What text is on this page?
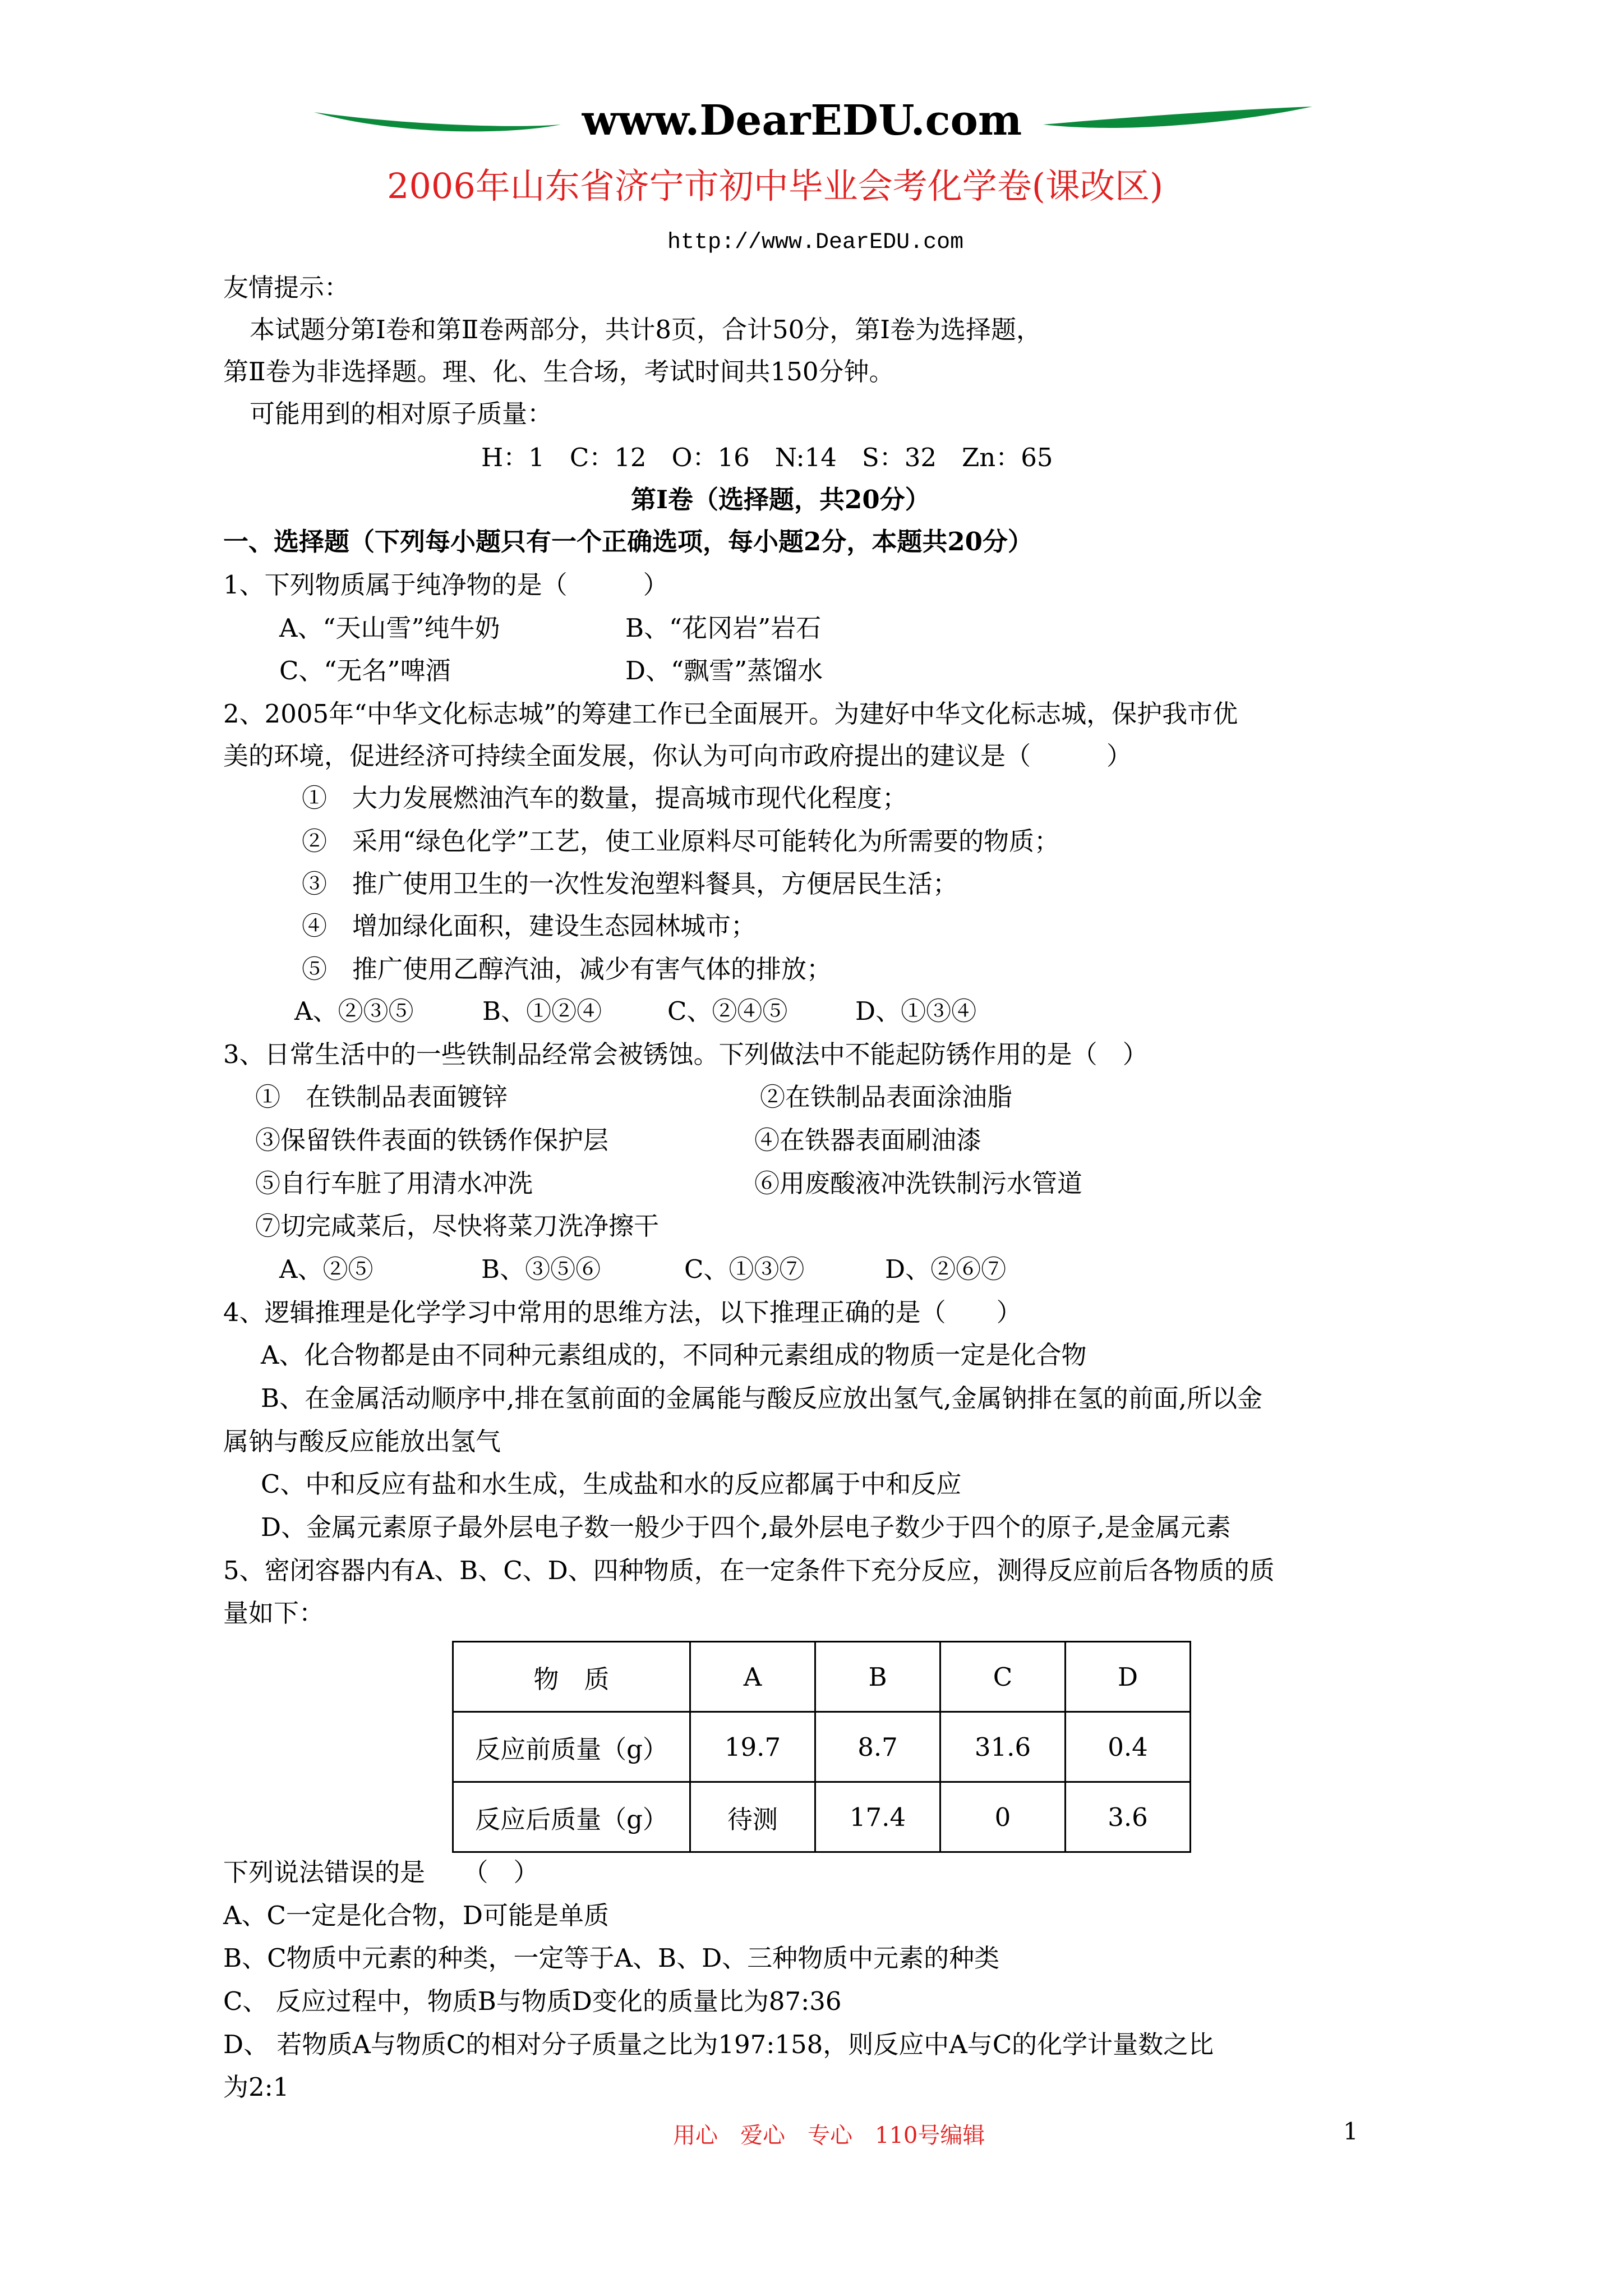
www.DearEDU.com
2006年山东省济宁市初中毕业会考化学卷(课改区)
http://www.DearEDU.com
友情提示：
本试题分第Ⅰ卷和第Ⅱ卷两部分，共计8页，合计50分，第Ⅰ卷为选择题，
第Ⅱ卷为非选择题。理、化、生合场，考试时间共150分钟。
可能用到的相对原子质量：
H：1　C：12　O：16　N:14　S：32　Zn：65
第Ⅰ卷（选择题，共20分）
一、选择题（下列每小题只有一个正确选项，每小题2分，本题共20分）
1、下列物质属于纯净物的是（　　　）
A、“天山雪”纯牛奶	B、“花冈岩”岩石
C、“无名”啤酒	D、“飘雪”蒸馏水
2、2005年“中华文化标志城”的筹建工作已全面展开。为建好中华文化标志城，保护我市优
美的环境，促进经济可持续全面发展，你认为可向市政府提出的建议是（　　　）
①　大力发展燃油汽车的数量，提高城市现代化程度；
②　采用“绿色化学”工艺，使工业原料尽可能转化为所需要的物质；
③　推广使用卫生的一次性发泡塑料餐具，方便居民生活；
④　增加绿化面积，建设生态园林城市；
⑤　推广使用乙醇汽油，减少有害气体的排放；
A、②③⑤	B、①②④	C、②④⑤	D、①③④
3、日常生活中的一些铁制品经常会被锈蚀。下列做法中不能起防锈作用的是（　）
①　在铁制品表面镀锌	②在铁制品表面涂油脂
③保留铁件表面的铁锈作保护层	④在铁器表面刷油漆
⑤自行车脏了用清水冲洗	⑥用废酸液冲洗铁制污水管道
⑦切完咸菜后，尽快将菜刀洗净擦干
A、②⑤	B、③⑤⑥	C、①③⑦	D、②⑥⑦
4、逻辑推理是化学学习中常用的思维方法，以下推理正确的是（　　）
A、化合物都是由不同种元素组成的，不同种元素组成的物质一定是化合物
B、在金属活动顺序中,排在氢前面的金属能与酸反应放出氢气,金属钠排在氢的前面,所以金
属钠与酸反应能放出氢气
C、中和反应有盐和水生成，生成盐和水的反应都属于中和反应
D、金属元素原子最外层电子数一般少于四个,最外层电子数少于四个的原子,是金属元素
5、密闭容器内有A、B、C、D、四种物质，在一定条件下充分反应，测得反应前后各物质的质
量如下：
物　质	A	B	C	D
反应前质量（g）	19.7	8.7	31.6	0.4
反应后质量（g）	待测	17.4	0	3.6
下列说法错误的是　　（　）
A、C一定是化合物，D可能是单质
B、C物质中元素的种类，一定等于A、B、D、三种物质中元素的种类
C、 反应过程中，物质B与物质D变化的质量比为87:36
D、 若物质A与物质C的相对分子质量之比为197:158，则反应中A与C的化学计量数之比
为2:1
用心　爱心　专心　110号编辑	1
